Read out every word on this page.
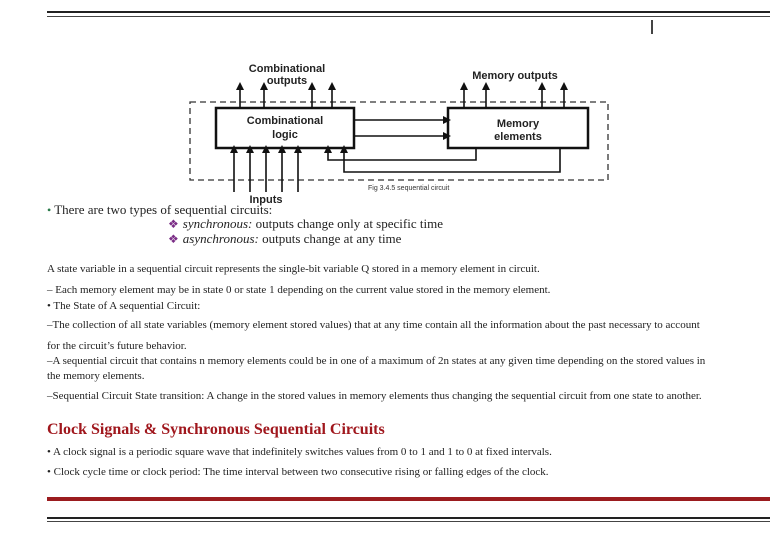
Combinational
logic
Memory
elements
Combinational
outputs	Memory outputs
Inputs
Fig 3.4.5 sequential circuit
• There are two types of sequential circuits:
❖ synchronous: outputs change only at specific time
❖ asynchronous: outputs change at any time
A state variable in a sequential circuit represents the single-bit variable Q stored in a memory element in circuit.
– Each memory element may be in state 0 or state 1 depending on the current value stored in the memory element.
• The State of A sequential Circuit:
–The collection of all state variables (memory element stored values) that at any time contain all the information about the past necessary to account
for the circuit’s future behavior.
–A sequential circuit that contains n memory elements could be in one of a maximum of 2n states at any given time depending on the stored values in
the memory elements.
–Sequential Circuit State transition: A change in the stored values in memory elements thus changing the sequential circuit from one state to another.
Clock Signals & Synchronous Sequential Circuits
• A clock signal is a periodic square wave that indefinitely switches values from 0 to 1 and 1 to 0 at fixed intervals.
• Clock cycle time or clock period: The time interval between two consecutive rising or falling edges of the clock.
